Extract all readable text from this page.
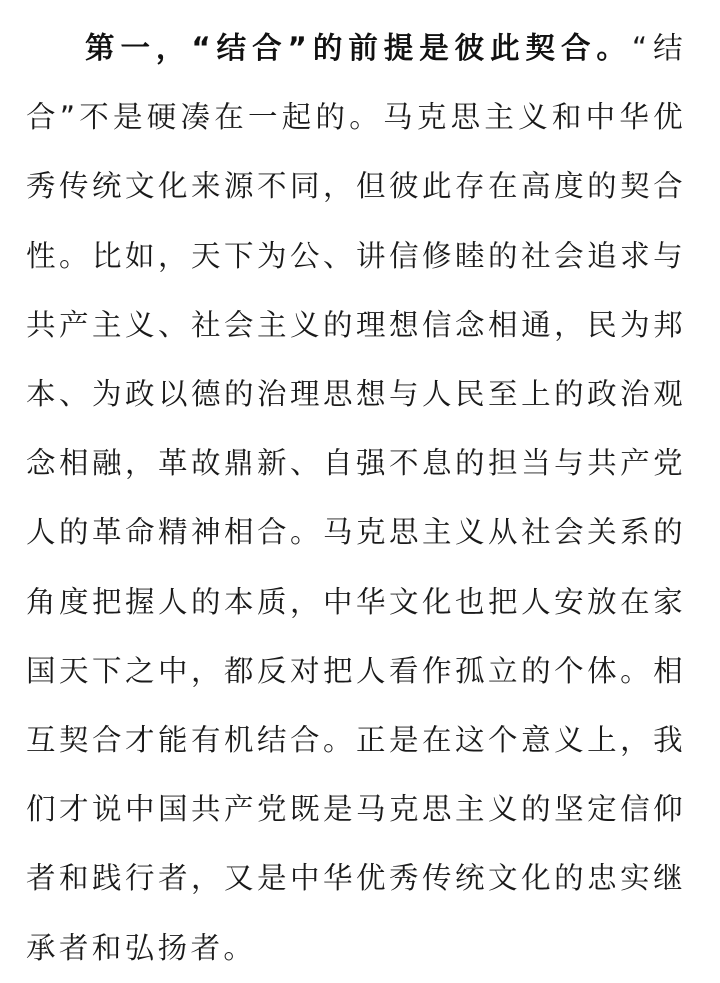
第一，“结合”的前提是彼此契合。“结合”不是硬凑在一起的。马克思主义和中华优秀传统文化来源不同，但彼此存在高度的契合性。比如，天下为公、讲信修睦的社会追求与共产主义、社会主义的理想信念相通，民为邦本、为政以德的治理思想与人民至上的政治观念相融，革故鼎新、自强不息的担当与共产党人的革命精神相合。马克思主义从社会关系的角度把握人的本质，中华文化也把人安放在家国天下之中，都反对把人看作孤立的个体。相互契合才能有机结合。正是在这个意义上，我们才说中国共产党既是马克思主义的坚定信仰者和践行者，又是中华优秀传统文化的忠实继承者和弘扬者。
